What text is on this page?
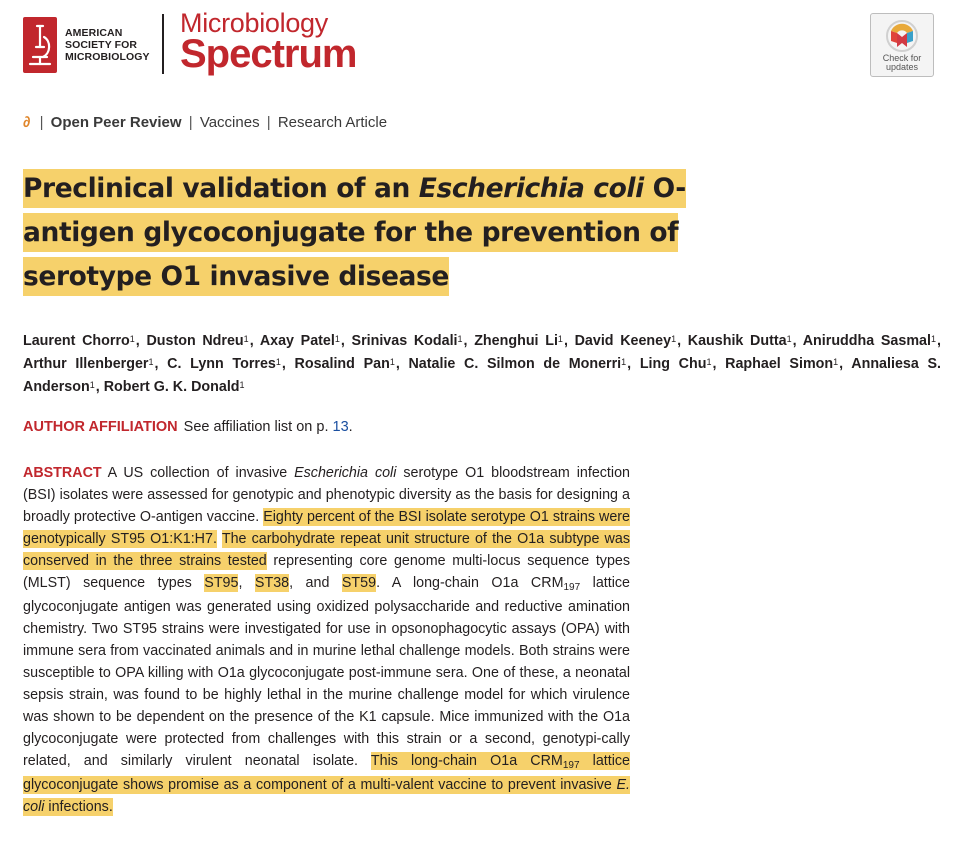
AMERICAN
SOCIETY FOR
MICROBIOLOGY
Microbiology
Spectrum	Check for
updates
∂ | Open Peer Review | Vaccines | Research Article
Preclinical validation of an Escherichia coli O-antigen glycoconjugate for the prevention of serotype O1 invasive disease
Laurent Chorro$^1$, Duston Ndreu$^1$, Axay Patel$^1$, Srinivas Kodali$^1$, Zhenghui Li$^1$, David Keeney$^1$, Kaushik Dutta$^1$, Aniruddha Sasmal$^1$, Arthur Illenberger$^1$, C. Lynn Torres$^1$, Rosalind Pan$^1$, Natalie C. Silmon de Monerri$^1$, Ling Chu$^1$, Raphael Simon$^1$, Annaliesa S. Anderson$^1$, Robert G. K. Donald$^1$
AUTHOR AFFILIATION See affiliation list on p. 13.
ABSTRACT A US collection of invasive Escherichia coli serotype O1 bloodstream infection (BSI) isolates were assessed for genotypic and phenotypic diversity as the basis for designing a broadly protective O-antigen vaccine. Eighty percent of the BSI isolate serotype O1 strains were genotypically ST95 O1:K1:H7. The carbohydrate repeat unit structure of the O1a subtype was conserved in the three strains tested representing core genome multi-locus sequence types (MLST) sequence types ST95, ST38, and ST59. A long-chain O1a $CRM_{197}$ lattice glycoconjugate antigen was generated using oxidized polysaccharide and reductive amination chemistry. Two ST95 strains were investigated for use in opsonophagocytic assays (OPA) with immune sera from vaccinated animals and in murine lethal challenge models. Both strains were susceptible to OPA killing with O1a glycoconjugate post-immune sera. One of these, a neonatal sepsis strain, was found to be highly lethal in the murine challenge model for which virulence was shown to be dependent on the presence of the K1 capsule. Mice immunized with the O1a glycoconjugate were protected from challenges with this strain or a second, genotypi-cally related, and similarly virulent neonatal isolate. This long-chain O1a $CRM_{197}$ lattice glycoconjugate shows promise as a component of a multi-valent vaccine to prevent invasive E. coli infections.
